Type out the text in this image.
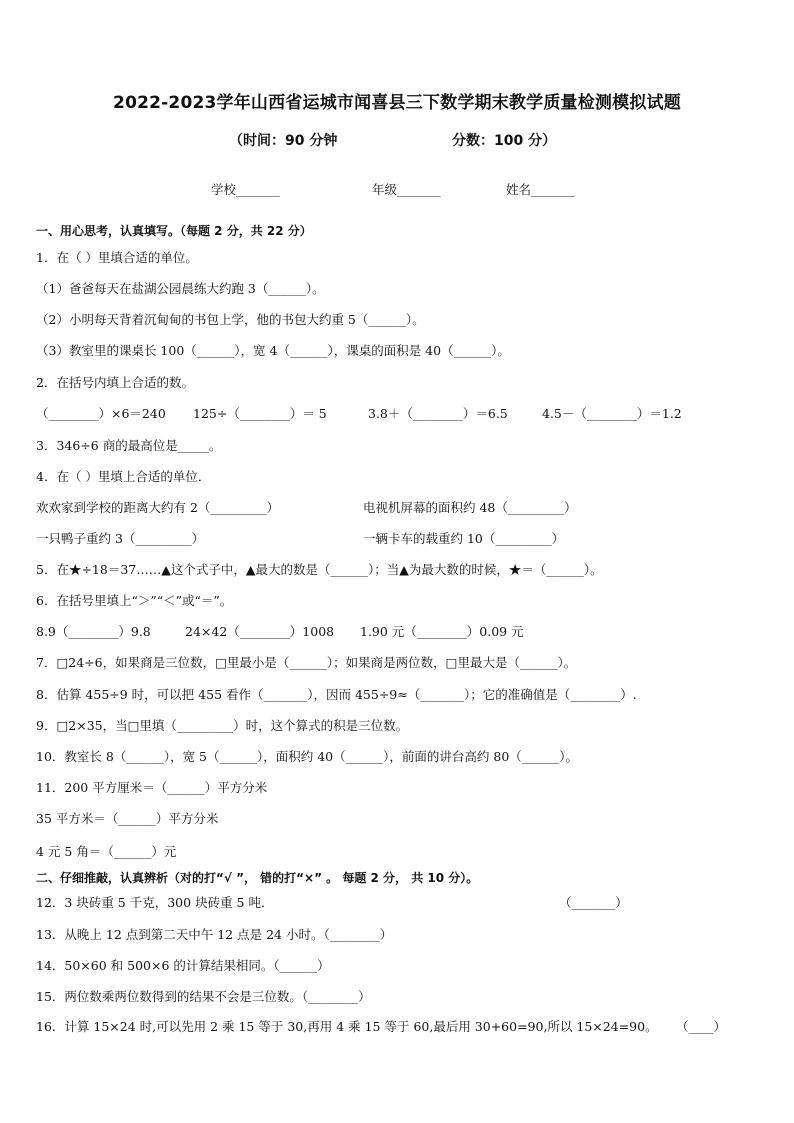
2022-2023学年山西省运城市闻喜县三下数学期末教学质量检测模拟试题
（时间：90 分钟	分数：100 分）
学校_______	年级_______	姓名_______
一、用心思考，认真填写。（每题 2 分，共 22 分）
1．在（ ）里填合适的单位。
（1）爸爸每天在盐湖公园晨练大约跑 3（______）。
（2）小明每天背着沉甸甸的书包上学，他的书包大约重 5（______）。
（3）教室里的课桌长 100（______），宽 4（______），课桌的面积是 40（______）。
2．在括号内填上合适的数。
（________）×6＝240 125÷（________）＝ 5	3.8＋（________）＝6.5	4.5－（________）＝1.2
3．346÷6 商的最高位是_____。
4．在（ ）里填上合适的单位．
欢欢家到学校的距离大约有 2（_________）	电视机屏幕的面积约 48（_________）
一只鸭子重约 3（_________）	一辆卡车的载重约 10（_________）
5．在★÷18＝37……▲这个式子中，▲最大的数是（______）；当▲为最大数的时候，★＝（______）。
6．在括号里填上“＞”“＜”或“＝”。
8.9（________）9.8	24×42（________）1008 1.90 元（________）0.09 元
7．□24÷6，如果商是三位数，□里最小是（______）；如果商是两位数，□里最大是（______）。
8．估算 455÷9 时，可以把 455 看作（_______），因而 455÷9≈（_______）；它的准确值是（________）.
9．□2×35，当□里填（_________）时，这个算式的积是三位数。
10．教室长 8（______），宽 5（______），面积约 40（______），前面的讲台高约 80（______）。
11．200 平方厘米＝（______）平方分米
35 平方米＝（______）平方分米
4 元 5 角＝（______）元
二、仔细推敲，认真辨析（对的打“√ ”， 错的打“×” 。 每题 2 分， 共 10 分）。
12．3 块砖重 5 千克，300 块砖重 5 吨．	（_______）
13．从晚上 12 点到第二天中午 12 点是 24 小时。（________）
14．50×60 和 500×6 的计算结果相同。（______）
15．两位数乘两位数得到的结果不会是三位数。（________）
16．计算 15×24 时,可以先用 2 乘 15 等于 30,再用 4 乘 15 等于 60,最后用 30+60=90,所以 15×24=90。 （____）
